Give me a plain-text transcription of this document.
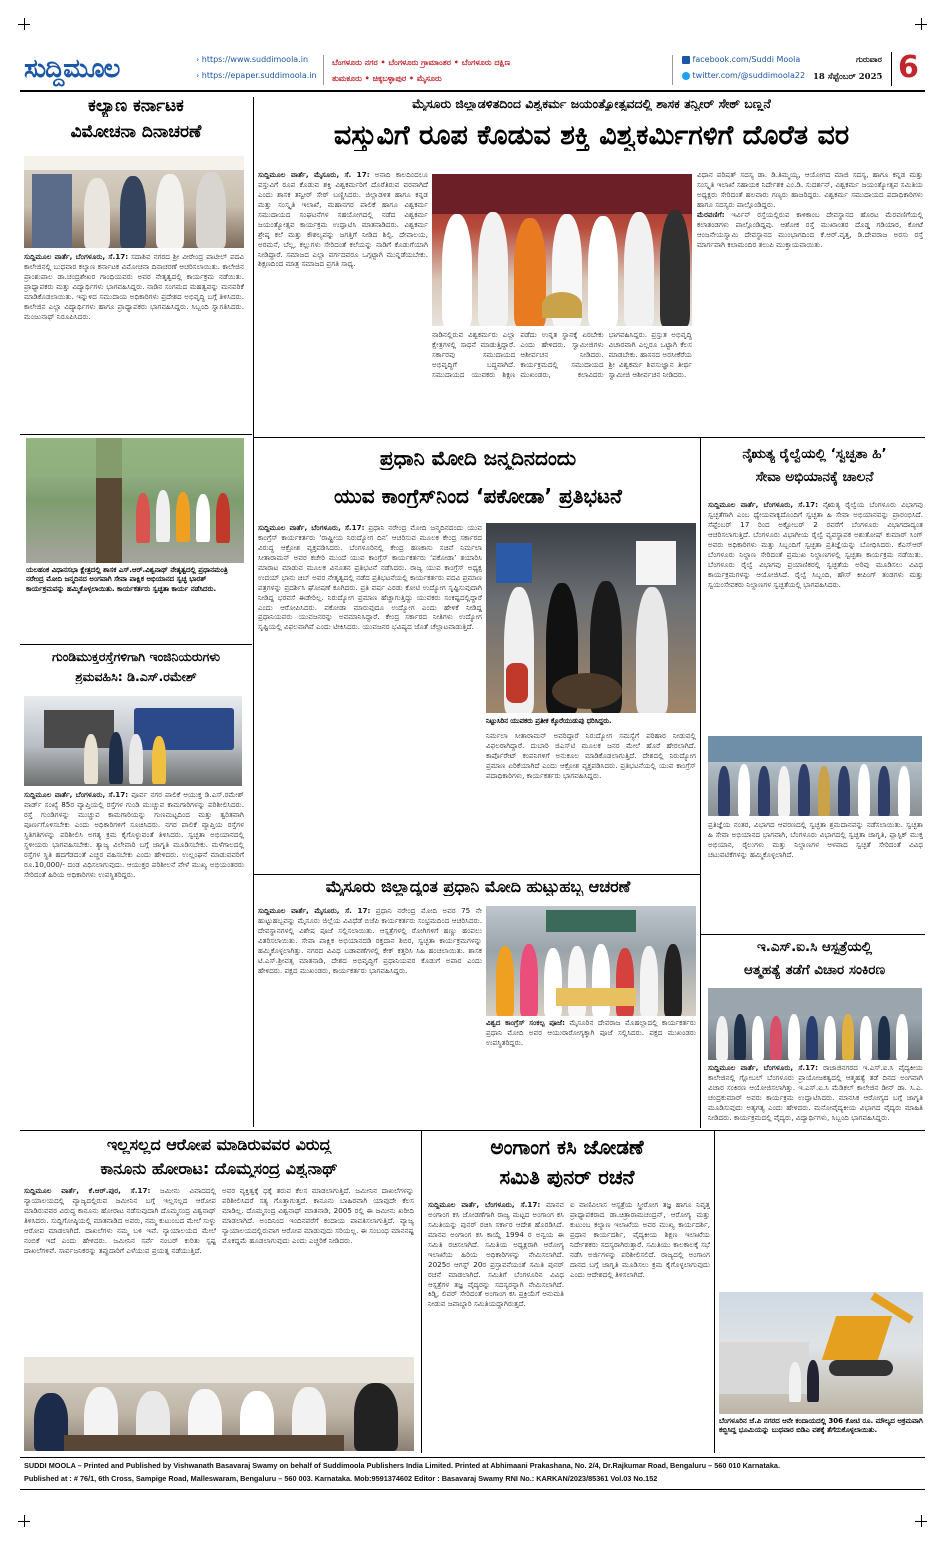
ಸುದ್ದಿಮೂಲ	› https://www.suddimoola.in
› https://epaper.suddimoola.in
ಬೆಂಗಳೂರು ನಗರ • ಬೆಂಗಳೂರು ಗ್ರಾಮಾಂತರ • ಬೆಂಗಳೂರು ದಕ್ಷಿಣ
ತುಮಕೂರು • ಚಿಕ್ಕಬಳ್ಳಾಪುರ • ಮೈಸೂರು
facebook.com/Suddi Moola
twitter.com/@suddimoola22
ಗುರುವಾರ
18 ಸೆಪ್ಟೆಂಬರ್ 2025 6
ಕಲ್ಯಾಣ ಕರ್ನಾಟಕ
ವಿಮೋಚನಾ ದಿನಾಚರಣೆ
ಸುದ್ದಿಮೂಲ ವಾರ್ತೆ, ಬೆಂಗಳೂರು, ಸೆ.17: ಸದಾಶಿವ ನಗರದ ಶ್ರೀ ವೀರೇಂದ್ರ ಪಾಟೀಲ್ ಪದವಿ ಕಾಲೇಜಿನಲ್ಲಿ ಬುಧವಾರ ಕಲ್ಯಾಣ ಕರ್ನಾಟಕ ವಿಮೋಚನಾ ದಿನಾಚರಣೆ ಆಚರಿಸಲಾಯಿತು. ಕಾಲೇಜಿನ ಪ್ರಾಂಶುಪಾಲ ಡಾ.ಚಂದ್ರಶೇಖರ ಗಾಂಧಿಯವರು ಅವರ ನೇತೃತ್ವದಲ್ಲಿ ಕಾರ್ಯಕ್ರಮ ನಡೆಯಿತು. ಪ್ರಾಧ್ಯಾಪಕರು ಮತ್ತು ವಿದ್ಯಾರ್ಥಿಗಳು ಭಾಗವಹಿಸಿದ್ದರು. ನಾಡಿನ ಸಂಗಮದ ಮಹತ್ವವನ್ನು ಮನವರಿಕೆ ಮಾಡಿಕೊಡಲಾಯಿತು. ಇನ್ನುಳಿದ ಸಮುದಾಯ ಅಧಿಕಾರಿಗಳು ಪ್ರದೇಶದ ಅಭಿವೃದ್ಧಿ ಬಗ್ಗೆ ತಿಳಿಸಿದರು. ಕಾಲೇಜಿನ ಎಲ್ಲಾ ವಿದ್ಯಾರ್ಥಿಗಳು ಹಾಗೂ ಪ್ರಾಧ್ಯಾಪಕರು ಭಾಗವಹಿಸಿದ್ದರು. ಸಿಬ್ಬಂದಿ ಸ್ವಾಗತಿಸಿದರು. ಮಂಜುನಾಥ್ ನಿರೂಪಿಸಿದರು.
ಯಲಹಂಕ ವಿಧಾನಸಭಾ ಕ್ಷೇತ್ರದಲ್ಲಿ ಶಾಸಕ ಎಸ್.ಆರ್.ವಿಶ್ವನಾಥ್ ನೇತೃತ್ವದಲ್ಲಿ ಪ್ರಧಾನಮಂತ್ರಿ ನರೇಂದ್ರ ಮೋದಿ ಜನ್ಮದಿನದ ಅಂಗವಾಗಿ ಸೇವಾ ಪಾಕ್ಷಿಕ ಅಭಿಯಾನದ ಸ್ವಚ್ಛ ಭಾರತ್ ಕಾರ್ಯಕ್ರಮವನ್ನು ಹಮ್ಮಿಕೊಳ್ಳಲಾಯಿತು. ಕಾರ್ಯಕರ್ತರು ಸ್ವಚ್ಛತಾ ಕಾರ್ಯ ನಡೆಸಿದರು.
ಗುಂಡಿಮುಕ್ತರಸ್ತೆಗಳಿಗಾಗಿ ಇಂಜಿನಿಯರುಗಳು
ಶ್ರಮವಹಿಸಿ: ಡಿ.ಎಸ್.ರಮೇಶ್
ಸುದ್ದಿಮೂಲ ವಾರ್ತೆ, ಬೆಂಗಳೂರು, ಸೆ.17: ಪೂರ್ವ ನಗರ ಪಾಲಿಕೆ ಆಯುಕ್ತ ಡಿ.ಎಸ್.ರಮೇಶ್ ವಾರ್ಡ್ ಸಂಖ್ಯೆ 85ರ ವ್ಯಾಪ್ತಿಯಲ್ಲಿ ರಸ್ತೆಗಳ ಗುಂಡಿ ಮುಚ್ಚುವ ಕಾಮಗಾರಿಗಳನ್ನು ಪರಿಶೀಲಿಸಿದರು. ರಸ್ತೆ ಗುಂಡಿಗಳನ್ನು ಮುಚ್ಚುವ ಕಾಮಗಾರಿಯನ್ನು ಗುಣಮಟ್ಟದಿಂದ ಮತ್ತು ತ್ವರಿತವಾಗಿ ಪೂರ್ಣಗೊಳಿಸಬೇಕು ಎಂದು ಅಧಿಕಾರಿಗಳಿಗೆ ಸೂಚಿಸಿದರು. ನಗರ ಪಾಲಿಕೆ ವ್ಯಾಪ್ತಿಯ ರಸ್ತೆಗಳ ಸ್ಥಿತಿಗತಿಗಳನ್ನು ಪರಿಶೀಲಿಸಿ ಅಗತ್ಯ ಕ್ರಮ ಕೈಗೊಳ್ಳುವಂತೆ ತಿಳಿಸಿದರು. ಸ್ವಚ್ಛತಾ ಅಭಿಯಾನದಲ್ಲಿ ಸ್ಥಳೀಯರು ಭಾಗವಹಿಸಬೇಕು. ತ್ಯಾಜ್ಯ ವಿಲೇವಾರಿ ಬಗ್ಗೆ ಜಾಗೃತಿ ಮೂಡಿಸಬೇಕು. ಮಳೆಗಾಲದಲ್ಲಿ ರಸ್ತೆಗಳ ಸ್ಥಿತಿ ಹದಗೆಡದಂತೆ ಎಚ್ಚರ ವಹಿಸಬೇಕು ಎಂದು ಹೇಳಿದರು. ಉಲ್ಲಂಘನೆ ಮಾಡುವವರಿಗೆ ರೂ.10,000/- ದಂಡ ವಿಧಿಸಲಾಗುವುದು. ಆಯುಕ್ತರ ಪರಿಶೀಲನೆ ವೇಳೆ ಮುಖ್ಯ ಅಭಿಯಂತರರು ಸೇರಿದಂತೆ ಹಿರಿಯ ಅಧಿಕಾರಿಗಳು ಉಪಸ್ಥಿತರಿದ್ದರು.
ಮೈಸೂರು ಜಿಲ್ಲಾಡಳಿತದಿಂದ ವಿಶ್ವಕರ್ಮ ಜಯಂತ್ಯೋತ್ಸವದಲ್ಲಿ ಶಾಸಕ ತನ್ವೀರ್ ಸೇಠ್ ಬಣ್ಣನೆ
ವಸ್ತುವಿಗೆ ರೂಪ ಕೊಡುವ ಶಕ್ತಿ ವಿಶ್ವಕರ್ಮಿಗಳಿಗೆ ದೊರೆತ ವರ
ಸುದ್ದಿಮೂಲ ವಾರ್ತೆ, ಮೈಸೂರು, ಸೆ. 17: ಅನಾದಿ ಕಾಲದಿಂದಲೂ ವಸ್ತುವಿಗೆ ರೂಪ ಕೊಡುವ ಶಕ್ತಿ ವಿಶ್ವಕರ್ಮರಿಗೆ ದೊರೆತಿರುವ ವರವಾಗಿದೆ ಎಂದು ಶಾಸಕ ತನ್ವೀರ್ ಸೇಠ್ ಬಣ್ಣಿಸಿದರು. ಜಿಲ್ಲಾಡಳಿತ ಹಾಗೂ ಕನ್ನಡ ಮತ್ತು ಸಂಸ್ಕೃತಿ ಇಲಾಖೆ, ಮಹಾನಗರ ಪಾಲಿಕೆ ಹಾಗೂ ವಿಶ್ವಕರ್ಮ ಸಮುದಾಯದ ಸಂಘಟನೆಗಳ ಸಹಯೋಗದಲ್ಲಿ ನಡೆದ ವಿಶ್ವಕರ್ಮ ಜಯಂತ್ಯೋತ್ಸವ ಕಾರ್ಯಕ್ರಮ ಉದ್ಘಾಟಿಸಿ ಮಾತನಾಡಿದರು. ವಿಶ್ವಕರ್ಮ ಶ್ರೇಷ್ಠ ಕಲೆ ಮತ್ತು ಕೌಶಲ್ಯವನ್ನು ಜಗತ್ತಿಗೆ ನೀಡಿದ ಶಿಲ್ಪಿ. ದೇವಾಲಯ, ಅರಮನೆ, ಬೆಲ್ಲ, ಕಲ್ಲುಗಳು ಸೇರಿದಂತೆ ಕಲೆಯನ್ನು ನಾಡಿಗೆ ಕೊಡುಗೆಯಾಗಿ ನೀಡಿದ್ದಾರೆ. ಸಮಾಜದ ಎಲ್ಲಾ ವರ್ಗದವರೂ ಒಗ್ಗಟ್ಟಾಗಿ ಮುನ್ನಡೆಯಬೇಕು. ಶಿಕ್ಷಣದಿಂದ ಮಾತ್ರ ಸಮಾಜದ ಪ್ರಗತಿ ಸಾಧ್ಯ.
ನಾಡಿನಲ್ಲಿರುವ ವಿಶ್ವಕರ್ಮರು ಎಲ್ಲಾ ಕ್ಷೇತ್ರಗಳಲ್ಲಿ ಸಾಧನೆ ಮಾಡುತ್ತಿದ್ದಾರೆ. ಸರ್ಕಾರವು ಸಮುದಾಯದ ಅಭಿವೃದ್ಧಿಗೆ ಬದ್ಧವಾಗಿದೆ. ಸಮುದಾಯದ ಯುವಕರು ಶಿಕ್ಷಣ ಪಡೆದು ಉನ್ನತ ಸ್ಥಾನಕ್ಕೆ ಏರಬೇಕು ಎಂದು ಹೇಳಿದರು. ಸ್ವಾಮೀಜಿಗಳು ಆಶೀರ್ವಚನ ನೀಡಿದರು. ಕಾರ್ಯಕ್ರಮದಲ್ಲಿ ಸಮುದಾಯದ ಮುಖಂಡರು, ಕಲಾವಿದರು ಭಾಗವಹಿಸಿದ್ದರು. ಪ್ರಸ್ತುತ ಅಭಿವೃದ್ಧಿ ವಿಚಾರವಾಗಿ ಎಲ್ಲರೂ ಒಟ್ಟಾಗಿ ಕೆಲಸ ಮಾಡಬೇಕು. ಹಾಸನದ ಅರಸೀಕೆರೆಯ ಶ್ರೀ ವಿಶ್ವಕರ್ಮ ಶಿವಸುಜ್ಞಾನ ತೀರ್ಥ ಸ್ವಾಮೀಜಿ ಆಶೀರ್ವಚನ ನೀಡಿದರು.
ವಿಧಾನ ಪರಿಷತ್ ಸದಸ್ಯ ಡಾ. ಡಿ.ತಿಮ್ಮಯ್ಯ, ಆಯೋಗದ ಮಾಜಿ ಸದಸ್ಯ, ಹಾಗೂ ಕನ್ನಡ ಮತ್ತು ಸಂಸ್ಕೃತಿ ಇಲಾಖೆ ಸಹಾಯಕ ನಿರ್ದೇಶಕ ಎಂ.ಡಿ. ಸುದರ್ಶನ್, ವಿಶ್ವಕರ್ಮ ಜಯಂತ್ಯೋತ್ಸವ ಸಮಿತಿಯ ಅಧ್ಯಕ್ಷರು ಸೇರಿದಂತೆ ಹಲವಾರು ಗಣ್ಯರು ಹಾಜರಿದ್ದರು. ವಿಶ್ವಕರ್ಮ ಸಮುದಾಯದ ಪದಾಧಿಕಾರಿಗಳು ಹಾಗೂ ಸದಸ್ಯರು ಪಾಲ್ಗೊಂಡಿದ್ದರು.
ಮೆರವಣಿಗೆ: ಇರ್ವಿನ್ ರಸ್ತೆಯಲ್ಲಿರುವ ಕಾಳಿಕಾಂಬ ದೇವಸ್ಥಾನದ ಹೊರಟ ಮೆರವಣಿಗೆಯಲ್ಲಿ ಕಲಾತಂಡಗಳು ಪಾಲ್ಗೊಂಡಿದ್ದವು. ಆಶೋಕ ರಸ್ತೆ ಮುಖಾಂತರ ದೊಡ್ಡ ಗಡಿಯಾರ, ಕೋಟೆ ಆಂಜನೇಯಸ್ವಾಮಿ ದೇವಸ್ಥಾನದ ಮುಂಭಾಗದಿಂದ ಕೆ.ಆರ್.ವೃತ್ತ, ಡಿ.ದೇವರಾಜ ಅರಸು ರಸ್ತೆ ಮಾರ್ಗವಾಗಿ ಕಲಾಮಂದಿರ ತಲುಪಿ ಮುಕ್ತಾಯವಾಯಿತು.
ಪ್ರಧಾನಿ ಮೋದಿ ಜನ್ಮದಿನದಂದು
ಯುವ ಕಾಂಗ್ರೆಸ್‌ನಿಂದ ‘ಪಕೋಡಾ’ ಪ್ರತಿಭಟನೆ
ಸುದ್ದಿಮೂಲ ವಾರ್ತೆ, ಬೆಂಗಳೂರು, ಸೆ.17: ಪ್ರಧಾನಿ ನರೇಂದ್ರ ಮೋದಿ ಜನ್ಮದಿನದಂದು ಯುವ ಕಾಂಗ್ರೆಸ್ ಕಾರ್ಯಕರ್ತರು ‘ರಾಷ್ಟ್ರೀಯ ನಿರುದ್ಯೋಗ ದಿನ’ ಆಚರಿಸುವ ಮೂಲಕ ಕೇಂದ್ರ ಸರ್ಕಾರದ ವಿರುದ್ಧ ಆಕ್ರೋಶ ವ್ಯಕ್ತಪಡಿಸಿದರು. ಬೆಂಗಳೂರಿನಲ್ಲಿ ಕೇಂದ್ರ ಹಣಕಾಸು ಸಚಿವೆ ನಿರ್ಮಲಾ ಸೀತಾರಾಮನ್ ಅವರ ಕಚೇರಿ ಮುಂದೆ ಯುವ ಕಾಂಗ್ರೆಸ್ ಕಾರ್ಯಕರ್ತರು ‘ಪಕೋಡಾ’ ತಯಾರಿಸಿ ಮಾರಾಟ ಮಾಡುವ ಮೂಲಕ ವಿನೂತನ ಪ್ರತಿಭಟನೆ ನಡೆಸಿದರು. ರಾಜ್ಯ ಯುವ ಕಾಂಗ್ರೆಸ್ ಅಧ್ಯಕ್ಷ ಉದಯ್ ಭಾನು ಚಿಬ್ ಅವರ ನೇತೃತ್ವದಲ್ಲಿ ನಡೆದ ಪ್ರತಿಭಟನೆಯಲ್ಲಿ ಕಾರ್ಯಕರ್ತರು ಪದವಿ ಪ್ರಮಾಣ ಪತ್ರಗಳನ್ನು ಪ್ರದರ್ಶಿಸಿ ಘೋಷಣೆ ಕೂಗಿದರು. ಪ್ರತಿ ವರ್ಷ ಎರಡು ಕೋಟಿ ಉದ್ಯೋಗ ಸೃಷ್ಟಿಸುವುದಾಗಿ ನೀಡಿದ್ದ ಭರವಸೆ ಈಡೇರಿಲ್ಲ. ನಿರುದ್ಯೋಗ ಪ್ರಮಾಣ ಹೆಚ್ಚಾಗುತ್ತಿದ್ದು ಯುವಕರು ಸಂಕಷ್ಟದಲ್ಲಿದ್ದಾರೆ ಎಂದು ಆರೋಪಿಸಿದರು. ಪಕೋಡಾ ಮಾರುವುದೂ ಉದ್ಯೋಗ ಎಂದು ಹೇಳಿಕೆ ನೀಡಿದ್ದ ಪ್ರಧಾನಿಯವರು ಯುವಜನರನ್ನು ಅವಮಾನಿಸಿದ್ದಾರೆ. ಕೇಂದ್ರ ಸರ್ಕಾರದ ನೀತಿಗಳು ಉದ್ಯೋಗ ಸೃಷ್ಟಿಯಲ್ಲಿ ವಿಫಲವಾಗಿವೆ ಎಂದು ಟೀಕಿಸಿದರು. ಯುವಜನರ ಭವಿಷ್ಯದ ಜೊತೆ ಚೆಲ್ಲಾಟವಾಡುತ್ತಿದೆ.
ನಿಟ್ಟುಸಿರಿನ ಯುವಕರು ಪ್ರತೀಕ ಕ್ಕೊರೆಯುಡುಪು ಧರಿಸಿದ್ದರು.
ನಿರ್ಮಲಾ ಸೀತಾರಾಮನ್ ಅವರಿದ್ದಾರೆ ನಿರುದ್ಯೋಗ ಸಮಸ್ಯೆಗೆ ಪರಿಹಾರ ನೀಡುವಲ್ಲಿ ವಿಫಲರಾಗಿದ್ದಾರೆ. ದುಬಾರಿ ಜಿಎಸ್‌ಟಿ ಮೂಲಕ ಜನರ ಮೇಲೆ ಹೊರೆ ಹೇರಲಾಗಿದೆ. ಕಾರ್ಪೊರೇಟ್ ಕಂಪನಿಗಳಿಗೆ ಅನುಕೂಲ ಮಾಡಿಕೊಡಲಾಗುತ್ತಿದೆ. ದೇಶದಲ್ಲಿ ನಿರುದ್ಯೋಗ ಪ್ರಮಾಣ ಏರಿಕೆಯಾಗಿದೆ ಎಂದು ಆಕ್ರೋಶ ವ್ಯಕ್ತಪಡಿಸಿದರು. ಪ್ರತಿಭಟನೆಯಲ್ಲಿ ಯುವ ಕಾಂಗ್ರೆಸ್ ಪದಾಧಿಕಾರಿಗಳು, ಕಾರ್ಯಕರ್ತರು ಭಾಗವಹಿಸಿದ್ದರು.
ಮೈಸೂರು ಜಿಲ್ಲಾದ್ಯಂತ ಪ್ರಧಾನಿ ಮೋದಿ ಹುಟ್ಟುಹಬ್ಬ ಆಚರಣೆ
ಸುದ್ದಿಮೂಲ ವಾರ್ತೆ, ಮೈಸೂರು, ಸೆ. 17: ಪ್ರಧಾನಿ ನರೇಂದ್ರ ಮೋದಿ ಅವರ 75 ನೇ ಹುಟ್ಟುಹಬ್ಬವನ್ನು ಮೈಸೂರು ಜಿಲ್ಲೆಯ ವಿವಿಧೆಡೆ ಬಿಜೆಪಿ ಕಾರ್ಯಕರ್ತರು ಸಂಭ್ರಮದಿಂದ ಆಚರಿಸಿದರು. ದೇವಸ್ಥಾನಗಳಲ್ಲಿ ವಿಶೇಷ ಪೂಜೆ ಸಲ್ಲಿಸಲಾಯಿತು. ಆಸ್ಪತ್ರೆಗಳಲ್ಲಿ ರೋಗಿಗಳಿಗೆ ಹಣ್ಣು ಹಂಪಲು ವಿತರಿಸಲಾಯಿತು. ಸೇವಾ ಪಾಕ್ಷಿಕ ಅಭಿಯಾನದಡಿ ರಕ್ತದಾನ ಶಿಬಿರ, ಸ್ವಚ್ಛತಾ ಕಾರ್ಯಕ್ರಮಗಳನ್ನು ಹಮ್ಮಿಕೊಳ್ಳಲಾಗಿತ್ತು. ನಗರದ ವಿವಿಧ ಬಡಾವಣೆಗಳಲ್ಲಿ ಕೇಕ್ ಕತ್ತರಿಸಿ ಸಿಹಿ ಹಂಚಲಾಯಿತು. ಶಾಸಕ ಟಿ.ಎಸ್.ಶ್ರೀವತ್ಸ ಮಾತನಾಡಿ, ದೇಶದ ಅಭಿವೃದ್ಧಿಗೆ ಪ್ರಧಾನಿಯವರ ಕೊಡುಗೆ ಅಪಾರ ಎಂದು ಹೇಳಿದರು. ಪಕ್ಷದ ಮುಖಂಡರು, ಕಾರ್ಯಕರ್ತರು ಭಾಗವಹಿಸಿದ್ದರು.
ವಿಶ್ವದ ಕಾಂಗ್ರೆಸ್ ಸಂಕಲ್ಪ ಪೂಜೆ: ಮೈಸೂರಿನ ದೇವರಾಜ ಮೊಹಲ್ಲಾದಲ್ಲಿ ಕಾರ್ಯಕರ್ತರು ಪ್ರಧಾನಿ ಮೋದಿ ಅವರ ಆಯುರಾರೋಗ್ಯಕ್ಕಾಗಿ ಪೂಜೆ ಸಲ್ಲಿಸಿದರು. ಪಕ್ಷದ ಮುಖಂಡರು ಉಪಸ್ಥಿತರಿದ್ದರು.
ನೈಋತ್ಯ ರೈಲ್ವೆಯಲ್ಲಿ ‘ಸ್ವಚ್ಛತಾ ಹಿ’
ಸೇವಾ ಅಭಿಯಾನಕ್ಕೆ ಚಾಲನೆ
ಸುದ್ದಿಮೂಲ ವಾರ್ತೆ, ಬೆಂಗಳೂರು, ಸೆ.17: ನೈಋತ್ಯ ರೈಲ್ವೆಯ ಬೆಂಗಳೂರು ವಿಭಾಗವು ಸ್ವಚ್ಛತೆಗಾಗಿ ಎಂಬ ಧ್ಯೇಯವಾಕ್ಯದೊಂದಿಗೆ ಸ್ವಚ್ಛತಾ ಹಿ ಸೇವಾ ಅಭಿಯಾನವನ್ನು ಪ್ರಾರಂಭಿಸಿದೆ. ಸೆಪ್ಟೆಂಬರ್ 17 ರಿಂದ ಅಕ್ಟೋಬರ್ 2 ರವರೆಗೆ ಬೆಂಗಳೂರು ವಿಭಾಗದಾದ್ಯಂತ ಆಚರಿಸಲಾಗುತ್ತಿದೆ. ಬೆಂಗಳೂರು ವಿಭಾಗೀಯ ರೈಲ್ವೆ ವ್ಯವಸ್ಥಾಪಕ ಅಶುತೋಷ್ ಕುಮಾರ್ ಸಿಂಗ್ ಅವರು ಅಧಿಕಾರಿಗಳು ಮತ್ತು ಸಿಬ್ಬಂದಿಗೆ ಸ್ವಚ್ಛತಾ ಪ್ರತಿಜ್ಞೆಯನ್ನು ಬೋಧಿಸಿದರು. ಕೆಎಸ್‌ಆರ್ ಬೆಂಗಳೂರು ನಿಲ್ದಾಣ ಸೇರಿದಂತೆ ಪ್ರಮುಖ ನಿಲ್ದಾಣಗಳಲ್ಲಿ ಸ್ವಚ್ಛತಾ ಕಾರ್ಯಕ್ರಮ ನಡೆಯಿತು. ಬೆಂಗಳೂರು ರೈಲ್ವೆ ವಿಭಾಗವು ಪ್ರಯಾಣಿಕರಲ್ಲಿ ಸ್ವಚ್ಛತೆಯ ಅರಿವು ಮೂಡಿಸಲು ವಿವಿಧ ಕಾರ್ಯಕ್ರಮಗಳನ್ನು ಆಯೋಜಿಸಿದೆ. ರೈಲ್ವೆ ಸಿಬ್ಬಂದಿ, ಹೌಸ್ ಕೀಪಿಂಗ್ ತಂಡಗಳು ಮತ್ತು ಸ್ವಯಂಸೇವಕರು ನಿಲ್ದಾಣಗಳ ಸ್ವಚ್ಛತೆಯಲ್ಲಿ ಭಾಗವಹಿಸಿದರು.
ಪ್ರತಿಜ್ಞೆಯ ನಂತರ, ವಿಭಾಗದ ಆವರಣದಲ್ಲಿ ಸ್ವಚ್ಛತಾ ಶ್ರಮದಾನವನ್ನು ನಡೆಸಲಾಯಿತು. ಸ್ವಚ್ಛತಾ ಹಿ ಸೇವಾ ಅಭಿಯಾನದ ಭಾಗವಾಗಿ, ಬೆಂಗಳೂರು ವಿಭಾಗದಲ್ಲಿ ಸ್ವಚ್ಛತಾ ಜಾಗೃತಿ, ಪ್ಲಾಸ್ಟಿಕ್ ಮುಕ್ತ ಅಭಿಯಾನ, ರೈಲುಗಳು ಮತ್ತು ನಿಲ್ದಾಣಗಳ ಆಳವಾದ ಸ್ವಚ್ಛತೆ ಸೇರಿದಂತೆ ವಿವಿಧ ಚಟುವಟಿಕೆಗಳನ್ನು ಹಮ್ಮಿಕೊಳ್ಳಲಾಗಿದೆ.
ಇ.ಎಸ್.ಐ.ಸಿ ಆಸ್ಪತ್ರೆಯಲ್ಲಿ
ಆತ್ಮಹತ್ಯೆ ತಡೆಗೆ ವಿಚಾರ ಸಂಕಿರಣ
ಸುದ್ದಿಮೂಲ ವಾರ್ತೆ, ಬೆಂಗಳೂರು, ಸೆ.17: ರಾಜಾಜಿನಗರದ ಇ.ಎಸ್.ಐ.ಸಿ ವೈದ್ಯಕೀಯ ಕಾಲೇಜಿನಲ್ಲಿ ಗ್ಲೋಬಲ್ ಬೆಂಗಳೂರು ಪ್ರಾಯೋಜಕತ್ವದಲ್ಲಿ ಆತ್ಮಹತ್ಯೆ ತಡೆ ದಿನದ ಅಂಗವಾಗಿ ವಿಚಾರ ಸಂಕಿರಣ ಆಯೋಜಿಸಲಾಗಿತ್ತು. ಇ.ಎಸ್.ಐ.ಸಿ ಮೆಡಿಕಲ್ ಕಾಲೇಜಿನ ಡೀನ್ ಡಾ. ಸಿ.ಎ. ಚಂದ್ರಕುಮಾರ್ ಅವರು ಕಾರ್ಯಕ್ರಮ ಉದ್ಘಾಟಿಸಿದರು. ಮಾನಸಿಕ ಆರೋಗ್ಯದ ಬಗ್ಗೆ ಜಾಗೃತಿ ಮೂಡಿಸುವುದು ಅತ್ಯಗತ್ಯ ಎಂದು ಹೇಳಿದರು. ಮನೋವೈದ್ಯಕೀಯ ವಿಭಾಗದ ವೈದ್ಯರು ಮಾಹಿತಿ ನೀಡಿದರು. ಕಾರ್ಯಕ್ರಮದಲ್ಲಿ ವೈದ್ಯರು, ವಿದ್ಯಾರ್ಥಿಗಳು, ಸಿಬ್ಬಂದಿ ಭಾಗವಹಿಸಿದ್ದರು.
ಇಲ್ಲಸಲ್ಲದ ಆರೋಪ ಮಾಡಿರುವವರ ವಿರುದ್ಧ
ಕಾನೂನು ಹೋರಾಟ: ದೊಮ್ಮಸಂದ್ರ ವಿಶ್ವನಾಥ್
ಸುದ್ದಿಮೂಲ ವಾರ್ತೆ, ಕೆ.ಆರ್.ಪುರ, ಸೆ.17: ಜಮೀನು ವಿವಾದದಲ್ಲಿ ನ್ಯಾಯಾಲಯದಲ್ಲಿ ವ್ಯಾಜ್ಯದಲ್ಲಿರುವ ಜಮೀನಿನ ಬಗ್ಗೆ ಇಲ್ಲಸಲ್ಲದ ಆರೋಪ ಮಾಡಿರುವವರ ವಿರುದ್ಧ ಕಾನೂನು ಹೋರಾಟ ನಡೆಸುವುದಾಗಿ ದೊಮ್ಮಸಂದ್ರ ವಿಶ್ವನಾಥ್ ತಿಳಿಸಿದರು. ಸುದ್ದಿಗೋಷ್ಠಿಯಲ್ಲಿ ಮಾತನಾಡಿದ ಅವರು, ನಮ್ಮ ಕುಟುಂಬದ ಮೇಲೆ ಸುಳ್ಳು ಆರೋಪ ಮಾಡಲಾಗಿದೆ. ದಾಖಲೆಗಳು ನಮ್ಮ ಬಳಿ ಇವೆ. ನ್ಯಾಯಾಲಯದ ಮೇಲೆ ನಂಬಿಕೆ ಇದೆ ಎಂದು ಹೇಳಿದರು. ಜಮೀನಿನ ಸರ್ವೆ ನಂಬರ್ ಕುರಿತು ಸ್ಪಷ್ಟ ದಾಖಲೆಗಳಿವೆ. ಸಾರ್ವಜನಿಕರನ್ನು ತಪ್ಪುದಾರಿಗೆ ಎಳೆಯುವ ಪ್ರಯತ್ನ ನಡೆಯುತ್ತಿದೆ.
ಅವರ ವ್ಯಕ್ತಿತ್ವಕ್ಕೆ ಧಕ್ಕೆ ತರುವ ಕೆಲಸ ಮಾಡಲಾಗುತ್ತಿದೆ. ಜಮೀನಿನ ದಾಖಲೆಗಳನ್ನು ಪರಿಶೀಲಿಸಿದರೆ ಸತ್ಯ ಗೊತ್ತಾಗುತ್ತದೆ. ಕಾನೂನು ಬಾಹಿರವಾಗಿ ಯಾವುದೇ ಕೆಲಸ ಮಾಡಿಲ್ಲ. ದೊಮ್ಮಸಂದ್ರ ವಿಶ್ವನಾಥ್ ಮಾತನಾಡಿ, 2005 ರಲ್ಲಿ ಈ ಜಮೀನು ಖರೀದಿ ಮಾಡಲಾಗಿದೆ. ಅಂದಿನಿಂದ ಇಂದಿನವರೆಗೆ ಕಂದಾಯ ಪಾವತಿಸಲಾಗುತ್ತಿದೆ. ವ್ಯಾಜ್ಯ ನ್ಯಾಯಾಲಯದಲ್ಲಿರುವಾಗ ಆರೋಪ ಮಾಡುವುದು ಸರಿಯಲ್ಲ. ಈ ಸಂಬಂಧ ಮಾನನಷ್ಟ ಮೊಕದ್ದಮೆ ಹೂಡಲಾಗುವುದು ಎಂದು ಎಚ್ಚರಿಕೆ ನೀಡಿದರು.
ಅಂಗಾಂಗ ಕಸಿ ಜೋಡಣೆ
ಸಮಿತಿ ಪುನರ್ ರಚನೆ
ಸುದ್ದಿಮೂಲ ವಾರ್ತೆ, ಬೆಂಗಳೂರು, ಸೆ.17: ಮಾನವ ಅಂಗಾಂಗ ಕಸಿ ಜೋಡಣೆಗಾಗಿ ರಾಜ್ಯ ಮಟ್ಟದ ಅಂಗಾಂಗ ಕಸಿ ಸಮಿತಿಯನ್ನು ಪುನರ್ ರಚಿಸಿ ಸರ್ಕಾರ ಆದೇಶ ಹೊರಡಿಸಿದೆ. ಮಾನವ ಅಂಗಾಂಗ ಕಸಿ ಕಾಯ್ದೆ 1994 ರ ಅನ್ವಯ ಈ ಸಮಿತಿ ರಚಿಸಲಾಗಿದೆ. ಸಮಿತಿಯ ಅಧ್ಯಕ್ಷರಾಗಿ ಆರೋಗ್ಯ ಇಲಾಖೆಯ ಹಿರಿಯ ಅಧಿಕಾರಿಗಳನ್ನು ನೇಮಿಸಲಾಗಿದೆ. 2025ರ ಆಗಸ್ಟ್ 20ರ ಪ್ರಸ್ತಾವನೆಯಂತೆ ಸಮಿತಿ ಪುನರ್ ರಚನೆ ಮಾಡಲಾಗಿದೆ. ಸಮಿತಿಗೆ ಬೆಂಗಳೂರಿನ ವಿವಿಧ ಆಸ್ಪತ್ರೆಗಳ ತಜ್ಞ ವೈದ್ಯರನ್ನು ಸದಸ್ಯರನ್ನಾಗಿ ನೇಮಿಸಲಾಗಿದೆ. ಕಿಡ್ನಿ, ಲಿವರ್ ಸೇರಿದಂತೆ ಅಂಗಾಂಗ ಕಸಿ ಪ್ರಕ್ರಿಯೆಗೆ ಅನುಮತಿ ನೀಡುವ ಜವಾಬ್ದಾರಿ ಸಮಿತಿಯದ್ದಾಗಿರುತ್ತದೆ.
ಐ ವಾಣಿವಿಲಾಸ ಆಸ್ಪತ್ರೆಯ ಸ್ತ್ರೀರೋಗ ತಜ್ಞ ಹಾಗೂ ನಿವೃತ್ತ ಪ್ರಾಧ್ಯಾಪಕರಾದ ಡಾ.ಚಿತ್ರಾರಾಮಚಂದ್ರನ್, ಆರೋಗ್ಯ ಮತ್ತು ಕುಟುಂಬ ಕಲ್ಯಾಣ ಇಲಾಖೆಯ ಅವರ ಮುಖ್ಯ ಕಾರ್ಯದರ್ಶಿ, ಪ್ರಧಾನ ಕಾರ್ಯದರ್ಶಿ, ವೈದ್ಯಕೀಯ ಶಿಕ್ಷಣ ಇಲಾಖೆಯ ನಿರ್ದೇಶಕರು ಸದಸ್ಯರಾಗಿರುತ್ತಾರೆ. ಸಮಿತಿಯು ಕಾಲಕಾಲಕ್ಕೆ ಸಭೆ ನಡೆಸಿ ಅರ್ಜಿಗಳನ್ನು ಪರಿಶೀಲಿಸಲಿದೆ. ರಾಜ್ಯದಲ್ಲಿ ಅಂಗಾಂಗ ದಾನದ ಬಗ್ಗೆ ಜಾಗೃತಿ ಮೂಡಿಸಲು ಕ್ರಮ ಕೈಗೊಳ್ಳಲಾಗುವುದು ಎಂದು ಆದೇಶದಲ್ಲಿ ತಿಳಿಸಲಾಗಿದೆ.
ಬೆಂಗಳೂರಿನ ಜೆ.ಪಿ ನಗರದ ಆನೇ ಕಂದಾಯದಲ್ಲಿ 306 ಕೋಟಿ ರೂ. ಮೌಲ್ಯದ ಅಕ್ರಮವಾಗಿ ಕಬ್ಜಿಸಿದ್ದ ಭೂಮಿಯನ್ನು ಬುಧವಾರ ಬಿಡಿಎ ವಶಕ್ಕೆ ತೆಗೆದುಕೊಳ್ಳಲಾಯಿತು.
SUDDI MOOLA – Printed and Published by Vishwanath Basavaraj Swamy on behalf of Suddimoola Publishers India Limited. Printed at Abhimaani Prakashana, No. 2/4, Dr.Rajkumar Road, Bengaluru – 560 010 Karnataka.
Published at : # 76/1, 6th Cross, Sampige Road, Malleswaram, Bengaluru – 560 003. Karnataka. Mob:9591374602 Editor : Basavaraj Swamy RNI No.: KARKAN/2023/85361 Vol.03 No.152
